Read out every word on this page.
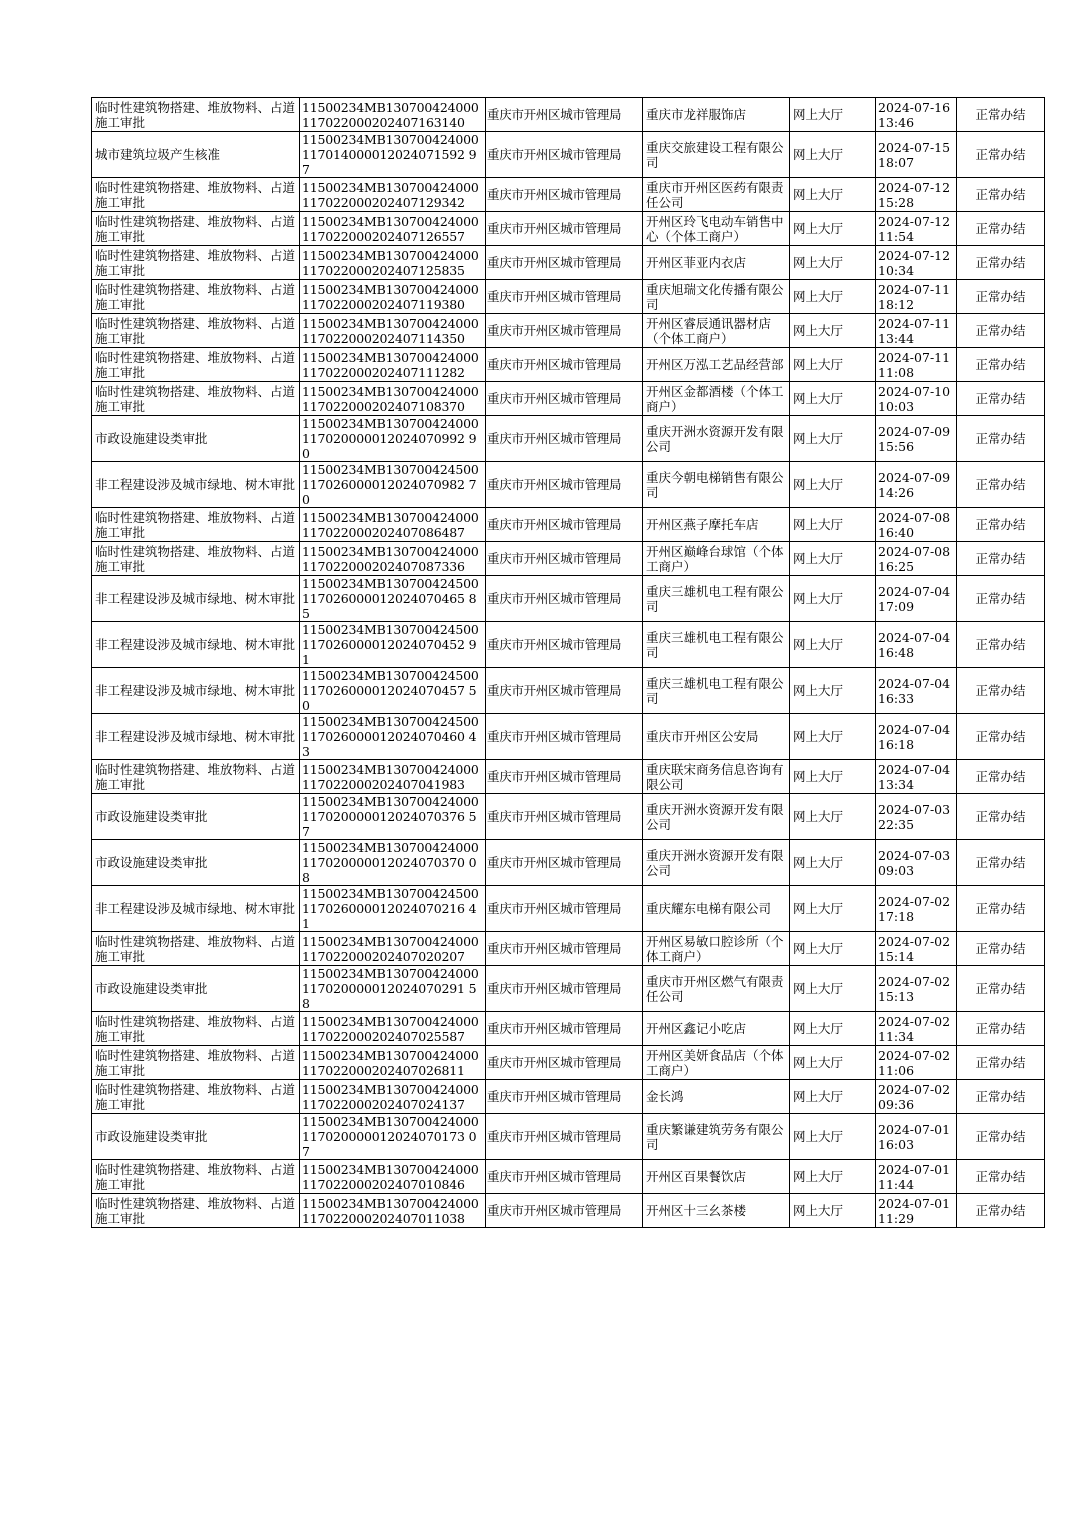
临时性建筑物搭建、堆放物料、占道施工审批	11500234MB130700424000117022000202407163140	重庆市开州区城市管理局	重庆市龙祥服饰店	网上大厅	2024-07-16 13:46	正常办结
城市建筑垃圾产生核准	11500234MB130700424000117014000012024071592 97	重庆市开州区城市管理局	重庆交旅建设工程有限公司	网上大厅	2024-07-15 18:07	正常办结
临时性建筑物搭建、堆放物料、占道施工审批	11500234MB130700424000117022000202407129342	重庆市开州区城市管理局	重庆市开州区医药有限责任公司	网上大厅	2024-07-12 15:28	正常办结
临时性建筑物搭建、堆放物料、占道施工审批	11500234MB130700424000117022000202407126557	重庆市开州区城市管理局	开州区玲飞电动车销售中心（个体工商户）	网上大厅	2024-07-12 11:54	正常办结
临时性建筑物搭建、堆放物料、占道施工审批	11500234MB130700424000117022000202407125835	重庆市开州区城市管理局	开州区菲亚内衣店	网上大厅	2024-07-12 10:34	正常办结
临时性建筑物搭建、堆放物料、占道施工审批	11500234MB130700424000117022000202407119380	重庆市开州区城市管理局	重庆旭瑞文化传播有限公司	网上大厅	2024-07-11 18:12	正常办结
临时性建筑物搭建、堆放物料、占道施工审批	11500234MB130700424000117022000202407114350	重庆市开州区城市管理局	开州区睿辰通讯器材店（个体工商户）	网上大厅	2024-07-11 13:44	正常办结
临时性建筑物搭建、堆放物料、占道施工审批	11500234MB130700424000117022000202407111282	重庆市开州区城市管理局	开州区万泓工艺品经营部	网上大厅	2024-07-11 11:08	正常办结
临时性建筑物搭建、堆放物料、占道施工审批	11500234MB130700424000117022000202407108370	重庆市开州区城市管理局	开州区金都酒楼（个体工商户）	网上大厅	2024-07-10 10:03	正常办结
市政设施建设类审批	11500234MB130700424000117020000012024070992 90	重庆市开州区城市管理局	重庆开洲水资源开发有限公司	网上大厅	2024-07-09 15:56	正常办结
非工程建设涉及城市绿地、树木审批	11500234MB130700424500117026000012024070982 70	重庆市开州区城市管理局	重庆今朝电梯销售有限公司	网上大厅	2024-07-09 14:26	正常办结
临时性建筑物搭建、堆放物料、占道施工审批	11500234MB130700424000117022000202407086487	重庆市开州区城市管理局	开州区燕子摩托车店	网上大厅	2024-07-08 16:40	正常办结
临时性建筑物搭建、堆放物料、占道施工审批	11500234MB130700424000117022000202407087336	重庆市开州区城市管理局	开州区巅峰台球馆（个体工商户）	网上大厅	2024-07-08 16:25	正常办结
非工程建设涉及城市绿地、树木审批	11500234MB130700424500117026000012024070465 85	重庆市开州区城市管理局	重庆三雄机电工程有限公司	网上大厅	2024-07-04 17:09	正常办结
非工程建设涉及城市绿地、树木审批	11500234MB130700424500117026000012024070452 91	重庆市开州区城市管理局	重庆三雄机电工程有限公司	网上大厅	2024-07-04 16:48	正常办结
非工程建设涉及城市绿地、树木审批	11500234MB130700424500117026000012024070457 50	重庆市开州区城市管理局	重庆三雄机电工程有限公司	网上大厅	2024-07-04 16:33	正常办结
非工程建设涉及城市绿地、树木审批	11500234MB130700424500117026000012024070460 43	重庆市开州区城市管理局	重庆市开州区公安局	网上大厅	2024-07-04 16:18	正常办结
临时性建筑物搭建、堆放物料、占道施工审批	11500234MB130700424000117022000202407041983	重庆市开州区城市管理局	重庆联宋商务信息咨询有限公司	网上大厅	2024-07-04 13:34	正常办结
市政设施建设类审批	11500234MB130700424000117020000012024070376 57	重庆市开州区城市管理局	重庆开洲水资源开发有限公司	网上大厅	2024-07-03 22:35	正常办结
市政设施建设类审批	11500234MB130700424000117020000012024070370 08	重庆市开州区城市管理局	重庆开洲水资源开发有限公司	网上大厅	2024-07-03 09:03	正常办结
非工程建设涉及城市绿地、树木审批	11500234MB130700424500117026000012024070216 41	重庆市开州区城市管理局	重庆耀东电梯有限公司	网上大厅	2024-07-02 17:18	正常办结
临时性建筑物搭建、堆放物料、占道施工审批	11500234MB130700424000117022000202407020207	重庆市开州区城市管理局	开州区易敏口腔诊所（个体工商户）	网上大厅	2024-07-02 15:14	正常办结
市政设施建设类审批	11500234MB130700424000117020000012024070291 58	重庆市开州区城市管理局	重庆市开州区燃气有限责任公司	网上大厅	2024-07-02 15:13	正常办结
临时性建筑物搭建、堆放物料、占道施工审批	11500234MB130700424000117022000202407025587	重庆市开州区城市管理局	开州区鑫记小吃店	网上大厅	2024-07-02 11:34	正常办结
临时性建筑物搭建、堆放物料、占道施工审批	11500234MB130700424000117022000202407026811	重庆市开州区城市管理局	开州区美妍食品店（个体工商户）	网上大厅	2024-07-02 11:06	正常办结
临时性建筑物搭建、堆放物料、占道施工审批	11500234MB130700424000117022000202407024137	重庆市开州区城市管理局	金长鸿	网上大厅	2024-07-02 09:36	正常办结
市政设施建设类审批	11500234MB130700424000117020000012024070173 07	重庆市开州区城市管理局	重庆繁谦建筑劳务有限公司	网上大厅	2024-07-01 16:03	正常办结
临时性建筑物搭建、堆放物料、占道施工审批	11500234MB130700424000117022000202407010846	重庆市开州区城市管理局	开州区百果餐饮店	网上大厅	2024-07-01 11:44	正常办结
临时性建筑物搭建、堆放物料、占道施工审批	11500234MB130700424000117022000202407011038	重庆市开州区城市管理局	开州区十三幺茶楼	网上大厅	2024-07-01 11:29	正常办结
